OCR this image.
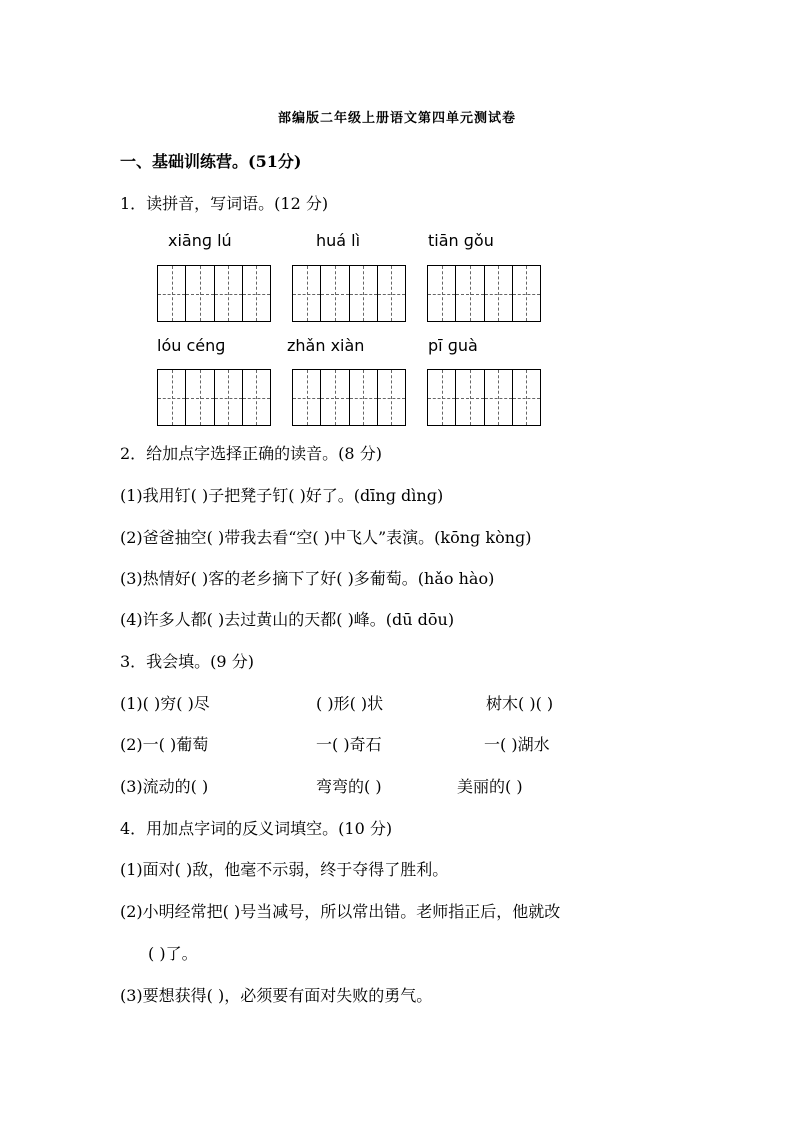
部编版二年级上册语文第四单元测试卷
一、基础训练营。(51分)
1．读拼音，写词语。(12 分)
xiānɡ lú	huá lì	tiān ɡǒu
lóu cénɡ	zhǎn xiàn	pī ɡuà
2．给加点字选择正确的读音。(8 分)
(1)我用钉( )子把凳子钉( )好了。(dīnɡ dìnɡ)
(2)爸爸抽空( )带我去看“空( )中飞人”表演。(kōnɡ kònɡ)
(3)热情好( )客的老乡摘下了好( )多葡萄。(hǎo hào)
(4)许多人都( )去过黄山的天都( )峰。(dū dōu)
3．我会填。(9 分)
(1)( )穷( )尽	( )形( )状	树木( )( )
(2)一( )葡萄	一( )奇石	一( )湖水
(3)流动的( )	弯弯的( )	美丽的( )
4．用加点字词的反义词填空。(10 分)
(1)面对( )敌，他毫不示弱，终于夺得了胜利。
(2)小明经常把( )号当减号，所以常出错。老师指正后，他就改
( )了。
(3)要想获得( )，必须要有面对失败的勇气。
